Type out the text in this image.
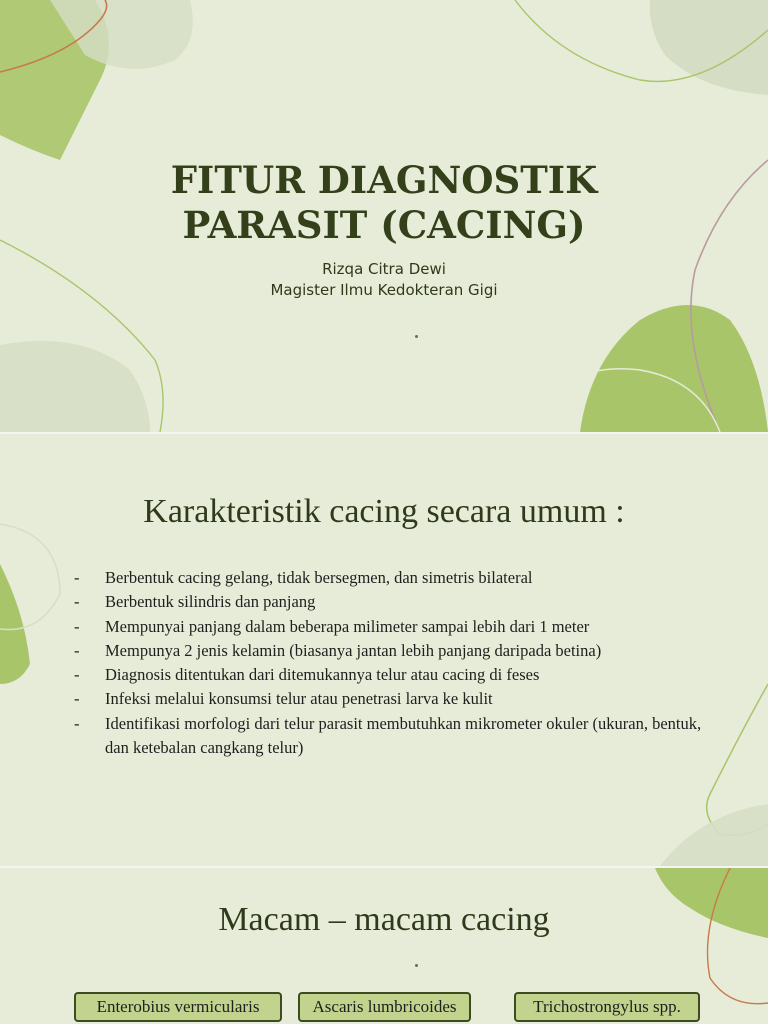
FITUR DIAGNOSTIK
PARASIT (CACING)

Rizqa Citra Dewi

Magister Ilmu Kedokteran Gigi

Karakteristik cacing secara umum :
- Berbentuk cacing gelang, tidak bersegmen, dan simetris bilateral
- Berbentuk silindris dan panjang
- Mempunyai panjang dalam beberapa milimeter sampai lebih dari 1 meter
- Mempunya 2 jenis kelamin (biasanya jantan lebih panjang daripada betina)
- Diagnosis ditentukan dari ditemukannya telur atau cacing di feses
- Infeksi melalui konsumsi telur atau penetrasi larva ke kulit
- Identifikasi morfologi dari telur parasit membutuhkan mikrometer okuler (ukuran, bentuk, dan ketebalan cangkang telur)
Macam – macam cacing
Enterobius vermicularis	Ascaris lumbricoides	Trichostrongylus spp.
